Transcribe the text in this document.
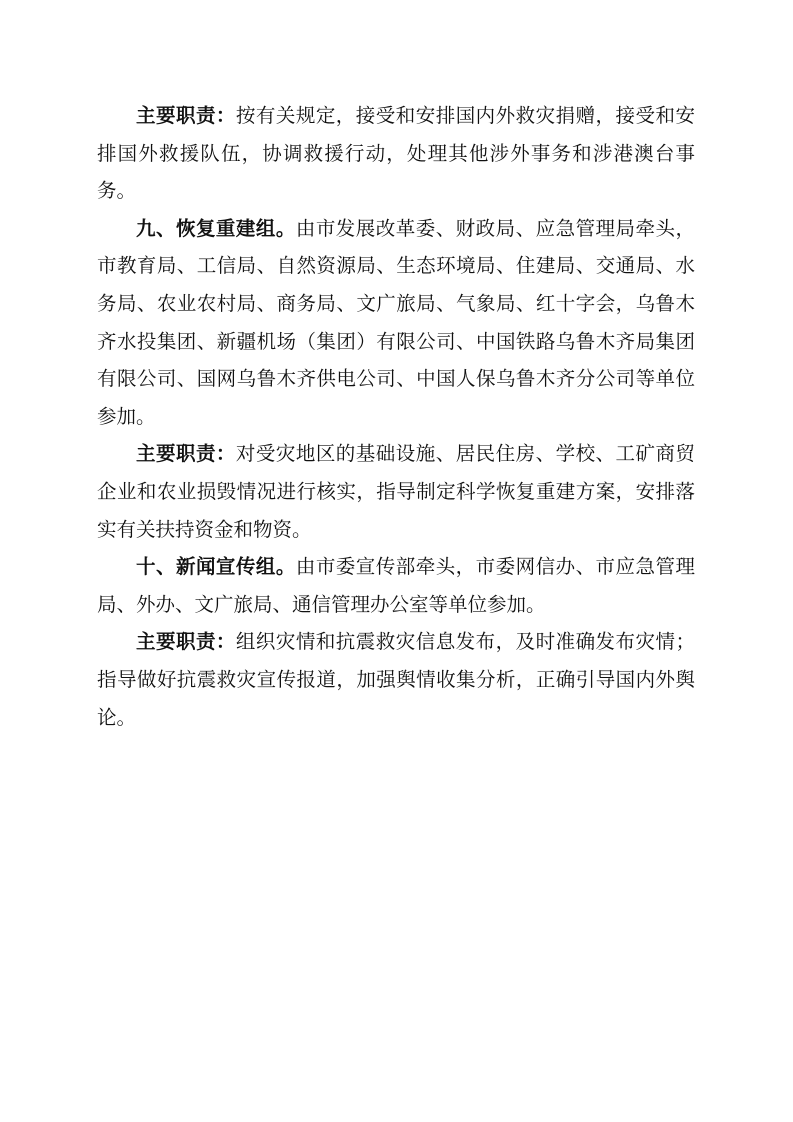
主要职责：按有关规定，接受和安排国内外救灾捐赠，接受和安排国外救援队伍，协调救援行动，处理其他涉外事务和涉港澳台事务。

九、恢复重建组。由市发展改革委、财政局、应急管理局牵头，市教育局、工信局、自然资源局、生态环境局、住建局、交通局、水务局、农业农村局、商务局、文广旅局、气象局、红十字会，乌鲁木齐水投集团、新疆机场（集团）有限公司、中国铁路乌鲁木齐局集团有限公司、国网乌鲁木齐供电公司、中国人保乌鲁木齐分公司等单位参加。

主要职责：对受灾地区的基础设施、居民住房、学校、工矿商贸企业和农业损毁情况进行核实，指导制定科学恢复重建方案，安排落实有关扶持资金和物资。

十、新闻宣传组。由市委宣传部牵头，市委网信办、市应急管理局、外办、文广旅局、通信管理办公室等单位参加。

主要职责：组织灾情和抗震救灾信息发布，及时准确发布灾情；指导做好抗震救灾宣传报道，加强舆情收集分析，正确引导国内外舆论。
